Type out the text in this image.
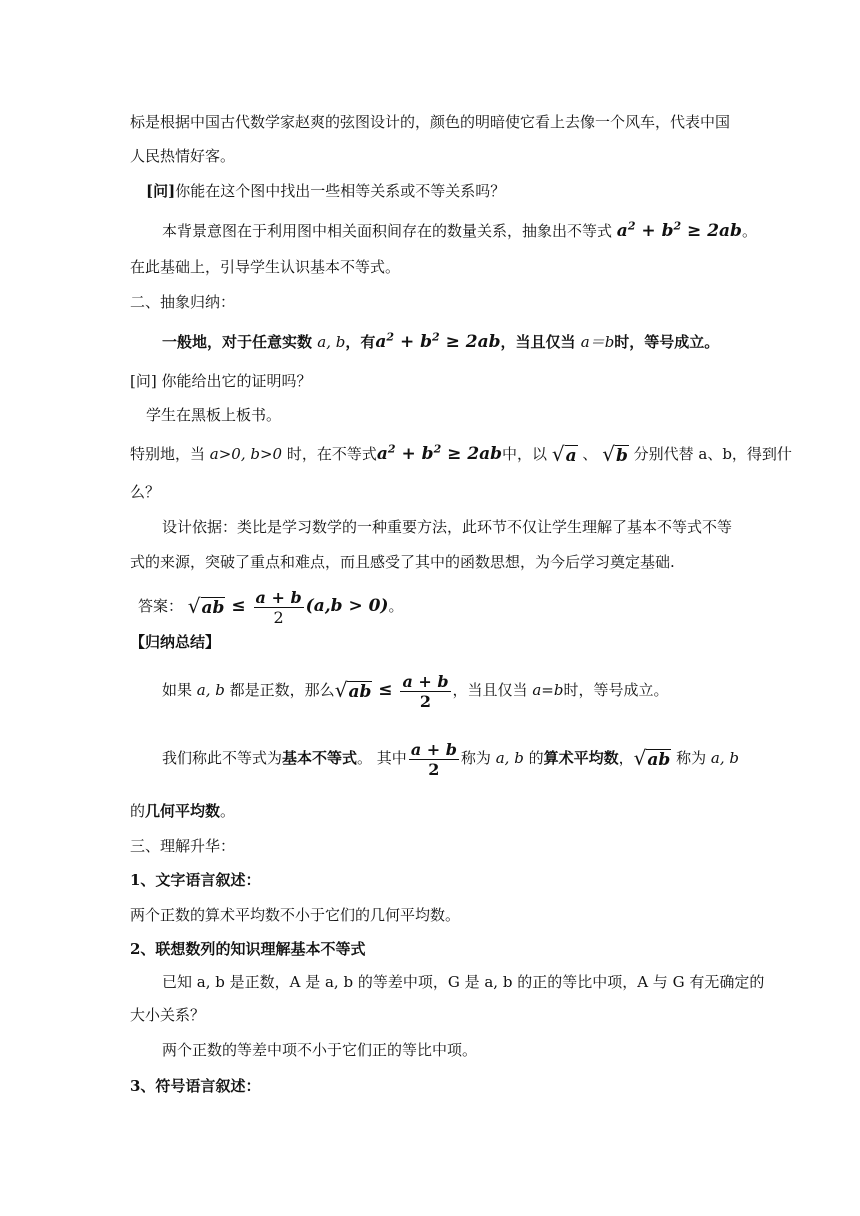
标是根据中国古代数学家赵爽的弦图设计的，颜色的明暗使它看上去像一个风车，代表中国
人民热情好客。
[问]你能在这个图中找出一些相等关系或不等关系吗？
本背景意图在于利用图中相关面积间存在的数量关系，抽象出不等式 $a^2 + b^2 \ge 2ab$。
在此基础上，引导学生认识基本不等式。
二、抽象归纳：
一般地，对于任意实数 a, b，有$a^2 + b^2 \ge 2ab$，当且仅当 a＝b时，等号成立。
[问] 你能给出它的证明吗？
学生在黑板上板书。
特别地，当 a>0, b>0 时，在不等式$a^2 + b^2 \ge 2ab$中，以 √a 、 √b 分别代替 a、b，得到什
么？
设计依据：类比是学习数学的一种重要方法，此环节不仅让学生理解了基本不等式不等
式的来源，突破了重点和难点，而且感受了其中的函数思想，为今后学习奠定基础.
答案： $√ab \le \frac{a + b}{2} (a,b > 0)$。
【归纳总结】
如果 a, b 都是正数，那么$√ab \le \frac{a + b}{2}$ ，当且仅当 a=b时，等号成立。
我们称此不等式为基本不等式。 其中 $\frac{a + b}{2}$ 称为 a, b 的算术平均数，√ab 称为 a, b
的几何平均数。
三、理解升华：
1、文字语言叙述：
两个正数的算术平均数不小于它们的几何平均数。
2、联想数列的知识理解基本不等式
已知 a, b 是正数，A 是 a, b 的等差中项，G 是 a, b 的正的等比中项，A 与 G 有无确定的
大小关系？
两个正数的等差中项不小于它们正的等比中项。
3、符号语言叙述：
